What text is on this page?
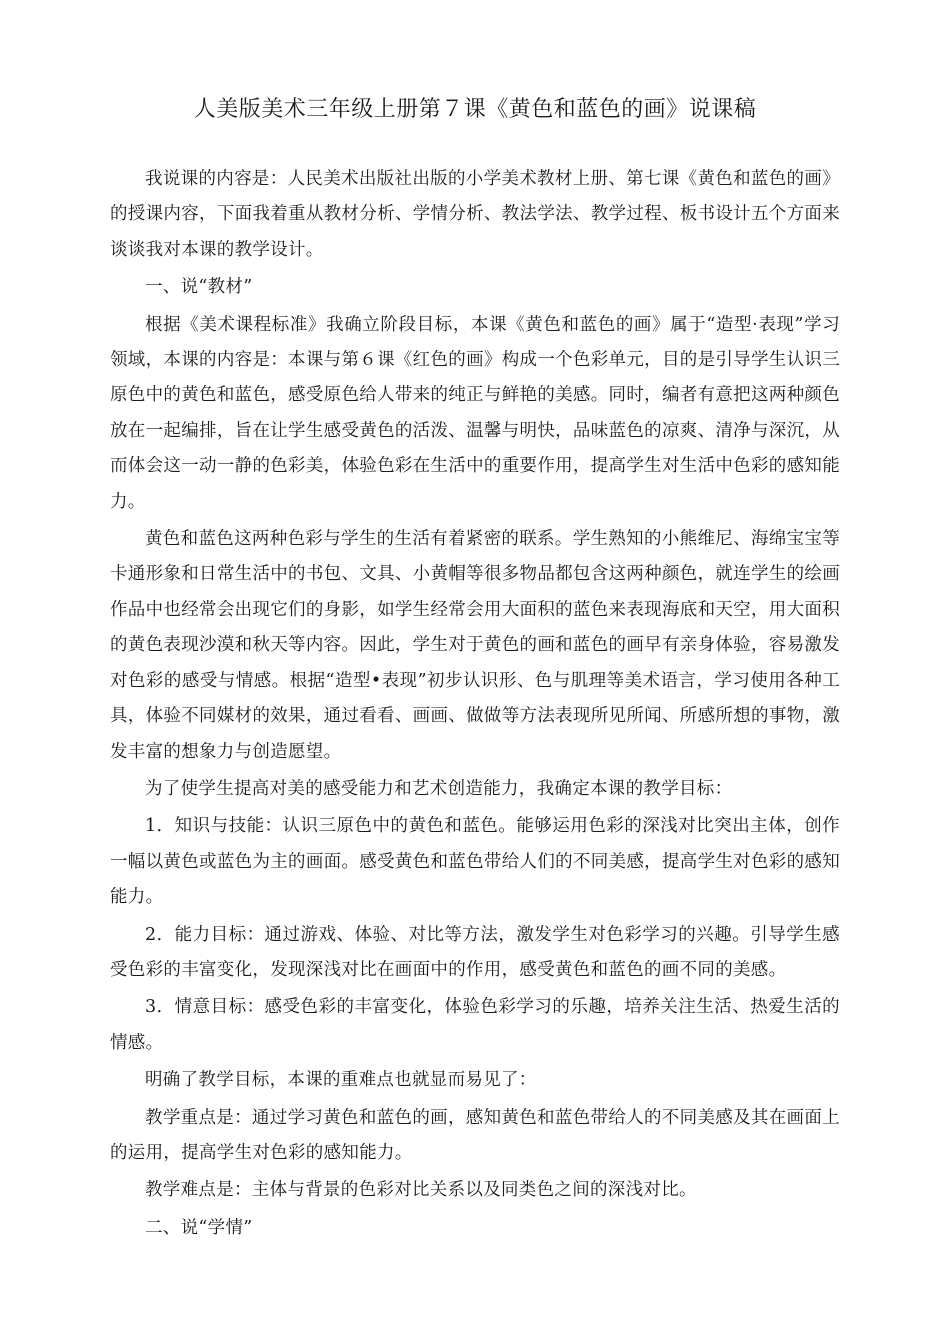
人美版美术三年级上册第７课《黄色和蓝色的画》说课稿

我说课的内容是：人民美术出版社出版的小学美术教材上册、第七课《黄色和蓝色的画》的授课内容，下面我着重从教材分析、学情分析、教法学法、教学过程、板书设计五个方面来谈谈我对本课的教学设计。

一、说“教材”

根据《美术课程标准》我确立阶段目标，本课《黄色和蓝色的画》属于“造型·表现”学习领域，本课的内容是：本课与第６课《红色的画》构成一个色彩单元，目的是引导学生认识三原色中的黄色和蓝色，感受原色给人带来的纯正与鲜艳的美感。同时，编者有意把这两种颜色放在一起编排，旨在让学生感受黄色的活泼、温馨与明快，品味蓝色的凉爽、清净与深沉，从而体会这一动一静的色彩美，体验色彩在生活中的重要作用，提高学生对生活中色彩的感知能力。

黄色和蓝色这两种色彩与学生的生活有着紧密的联系。学生熟知的小熊维尼、海绵宝宝等卡通形象和日常生活中的书包、文具、小黄帽等很多物品都包含这两种颜色，就连学生的绘画作品中也经常会出现它们的身影，如学生经常会用大面积的蓝色来表现海底和天空，用大面积的黄色表现沙漠和秋天等内容。因此，学生对于黄色的画和蓝色的画早有亲身体验，容易激发对色彩的感受与情感。根据“造型•表现”初步认识形、色与肌理等美术语言，学习使用各种工具，体验不同媒材的效果，通过看看、画画、做做等方法表现所见所闻、所感所想的事物，激发丰富的想象力与创造愿望。

为了使学生提高对美的感受能力和艺术创造能力，我确定本课的教学目标：

1．知识与技能：认识三原色中的黄色和蓝色。能够运用色彩的深浅对比突出主体，创作一幅以黄色或蓝色为主的画面。感受黄色和蓝色带给人们的不同美感，提高学生对色彩的感知能力。

2．能力目标：通过游戏、体验、对比等方法，激发学生对色彩学习的兴趣。引导学生感受色彩的丰富变化，发现深浅对比在画面中的作用，感受黄色和蓝色的画不同的美感。

3．情意目标：感受色彩的丰富变化，体验色彩学习的乐趣，培养关注生活、热爱生活的情感。

明确了教学目标，本课的重难点也就显而易见了：

教学重点是：通过学习黄色和蓝色的画，感知黄色和蓝色带给人的不同美感及其在画面上的运用，提高学生对色彩的感知能力。

教学难点是：主体与背景的色彩对比关系以及同类色之间的深浅对比。

二、说“学情”
